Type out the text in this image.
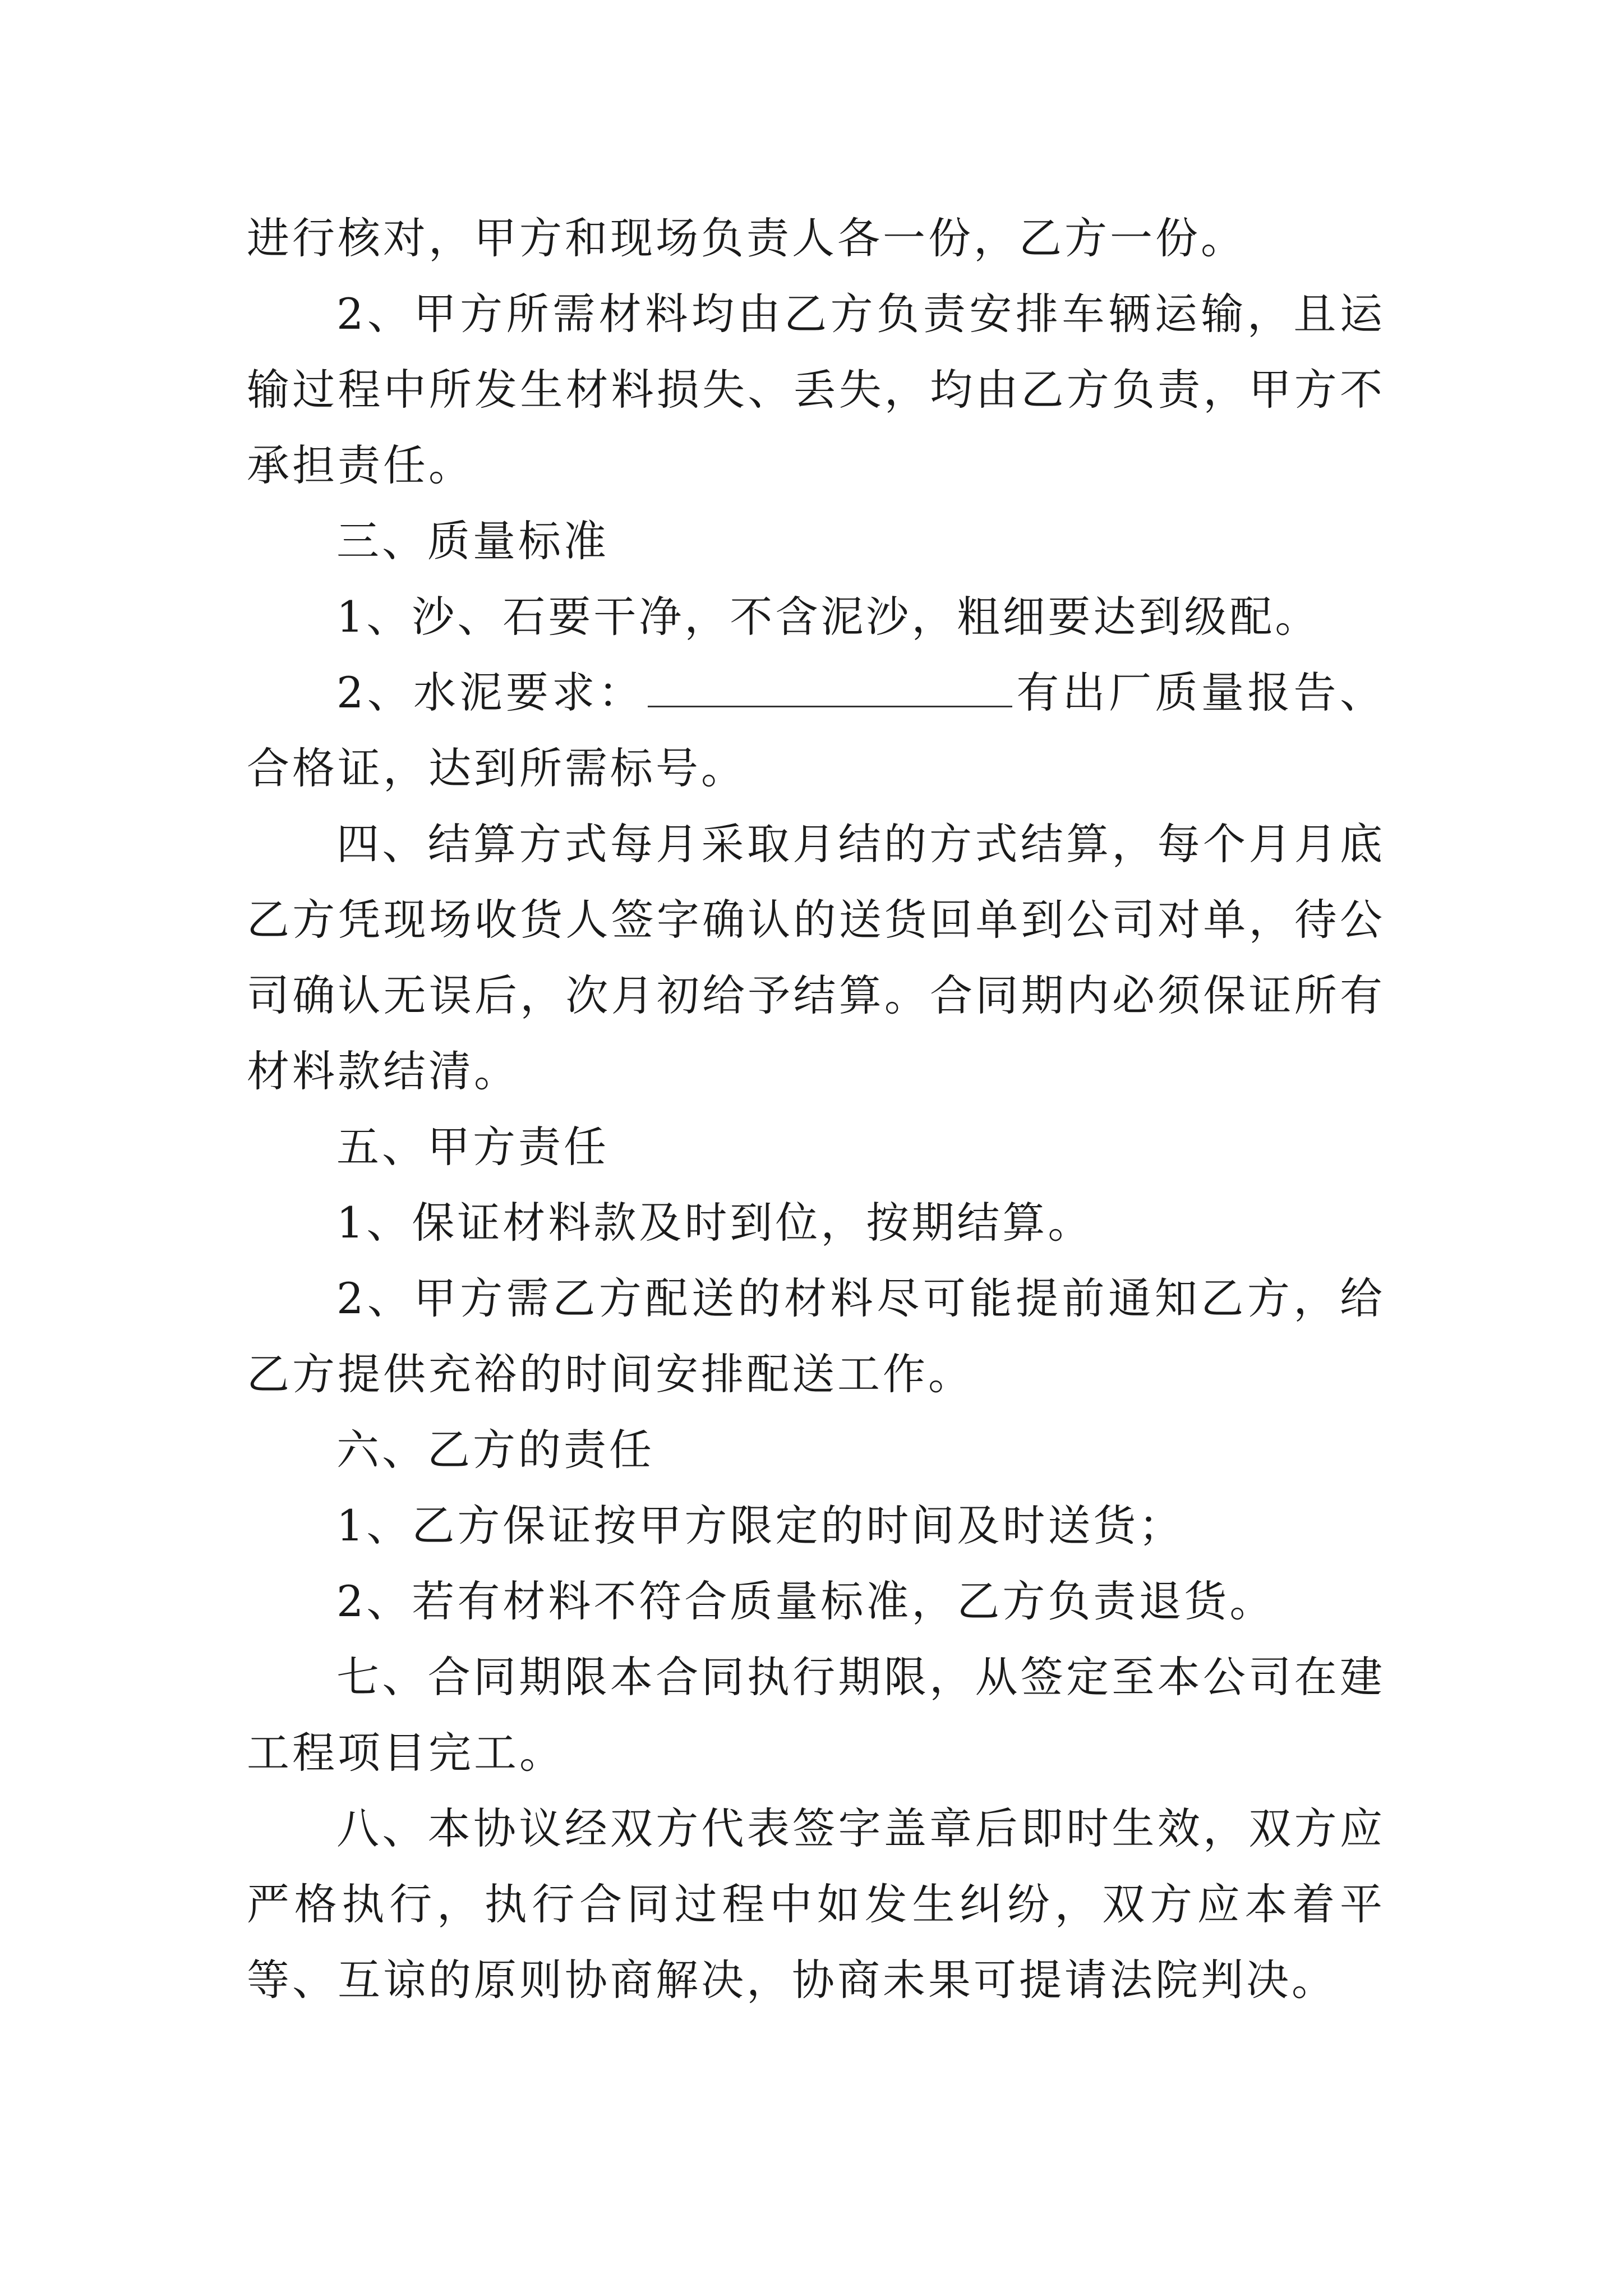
进行核对，甲方和现场负责人各一份，乙方一份。

2、甲方所需材料均由乙方负责安排车辆运输，且运输过程中所发生材料损失、丢失，均由乙方负责，甲方不承担责任。

三、质量标准

1、沙、石要干净，不含泥沙，粗细要达到级配。

2、水泥要求：	有出厂质量报告、合格证，达到所需标号。

四、结算方式每月采取月结的方式结算，每个月月底乙方凭现场收货人签字确认的送货回单到公司对单，待公司确认无误后，次月初给予结算。合同期内必须保证所有材料款结清。

五、甲方责任

1、保证材料款及时到位，按期结算。

2、甲方需乙方配送的材料尽可能提前通知乙方，给乙方提供充裕的时间安排配送工作。

六、乙方的责任

1、乙方保证按甲方限定的时间及时送货；

2、若有材料不符合质量标准，乙方负责退货。

七、合同期限本合同执行期限，从签定至本公司在建工程项目完工。

八、本协议经双方代表签字盖章后即时生效，双方应严格执行，执行合同过程中如发生纠纷，双方应本着平等、互谅的原则协商解决，协商未果可提请法院判决。
